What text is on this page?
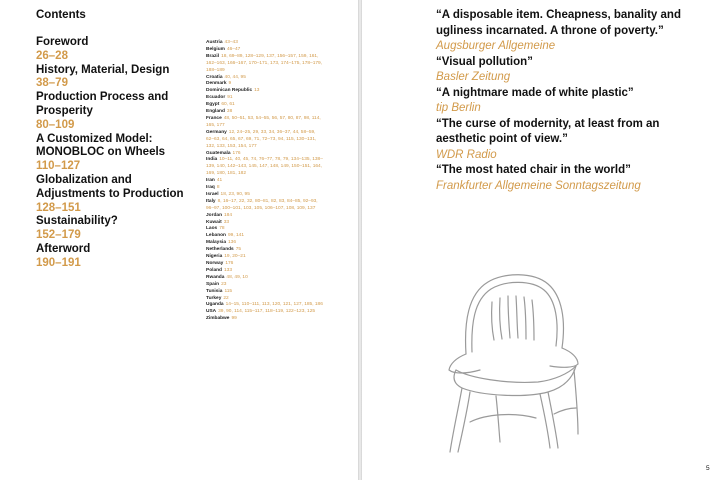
Contents
Foreword
26–28
History, Material, Design
38–79
Production Process and Prosperity
80–109
A Customized Model: MONOBLOC on Wheels
110–127
Globalization and Adjustments to Production
128–151
Sustainability?
152–179
Afterword
190–191
Austria 43–43
Belgium 46–47
Brazil 18, 69–89, 128–129, 137, 156–157, 159, 161, 162–163, 166–167, 170–171, 173, 174–175, 178–179, 188–189
Croatia 40, 44, 95
Denmark 9
Dominican Republic 13
Ecuador 91
Egypt 60, 61
England 38
France 48, 50–51, 53, 54–55, 56, 57, 80, 87, 98, 114, 165, 177
Germany 12, 24–25, 29, 33, 34, 36–37, 44, 58–59, 62–63, 64, 65, 67, 69, 71, 72–73, 94, 115, 130–131, 132, 133, 153, 154, 177
Guatemala 176
India 10–11, 40, 45, 74, 76–77, 78, 79, 134–135, 138–139, 140, 142–143, 145, 147, 148, 149, 150–151, 164, 169, 180, 181, 182
Iran 41
Iraq 8
Israel 18, 23, 90, 95
Italy 8, 16–17, 22, 32, 80–81, 82, 83, 84–85, 92–93, 96–97, 100–101, 103, 105, 106–107, 108, 109, 137
Jordan 184
Kuwait 33
Laos 78
Lebanon 99, 141
Malaysia 136
Netherlands 75
Nigeria 19, 20–21
Norway 176
Poland 133
Rwanda 48, 49, 10
Spain 23
Tunisia 115
Turkey 22
Uganda 14–15, 110–111, 113, 120, 121, 127, 185, 186
USA 39, 90, 114, 115–117, 118–119, 122–123, 125
Zimbabwe 99
“A disposable item. Cheapness, banality and ugliness incarnated. A throne of poverty.”
Augsburger Allgemeine
“Visual pollution”
Basler Zeitung
“A nightmare made of white plastic”
tip Berlin
“The curse of modernity, at least from an aesthetic point of view.”
WDR Radio
“The most hated chair in the world”
Frankfurter Allgemeine Sonntagszeitung
5
